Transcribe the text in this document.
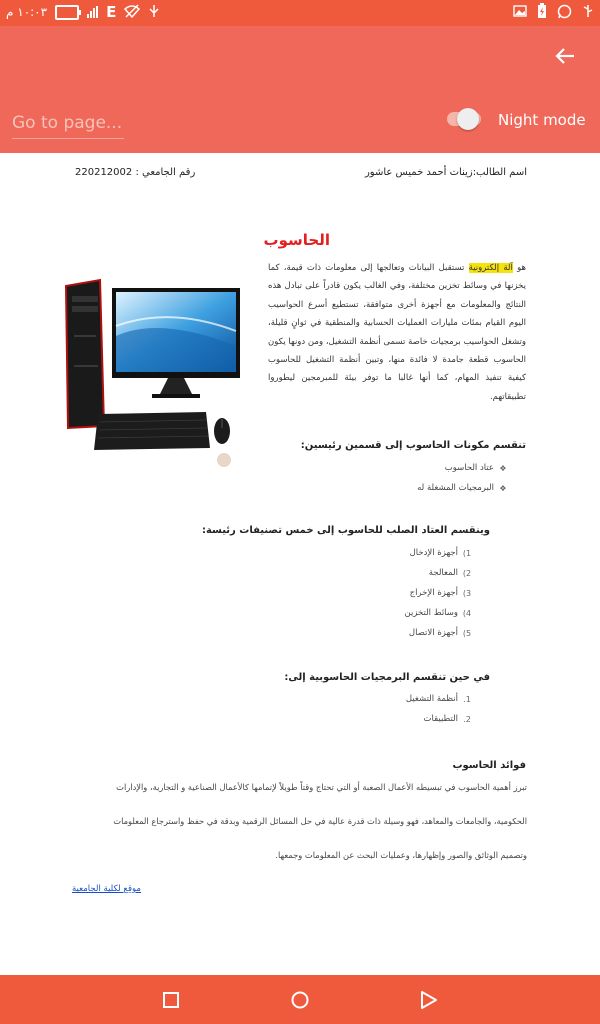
١٠:٠٣ م	E
Go to page...
Night mode
اسم الطالب:زينات أحمد خميس عاشور
رقم الجامعي : 220212002
الحاسوب

هو آلة إلكترونية تستقبل البيانات وتعالجها إلى معلومات ذات قيمة، كما يخزنها في وسائط تخزين مختلفة، وفي الغالب يكون قادراً على تبادل هذه النتائج والمعلومات مع أجهزة أخرى متوافقة، تستطيع أسرع الحواسيب اليوم القيام بمئات مليارات العمليات الحسابية والمنطقية في ثوانٍ قليلة، وتشغل الحواسيب برمجيات خاصة تسمى أنظمة التشغيل، ومن دونها يكون الحاسوب قطعة جامدة لا فائدة منها، وتبين أنظمة التشغيل للحاسوب كيفية تنفيذ المهام، كما أنها غالبا ما توفر بيئة للمبرمجين ليطوروا تطبيقاتهم.

تنقسم مكونات الحاسوب إلى قسمين رئيسين:
❖
عتاد الحاسوب
❖
البرمجيات المشغلة له
وينقسم العتاد الصلب للحاسوب إلى خمس تصنيفات رئيسة:
1)
أجهزة الإدخال
2)
المعالجة
3)
أجهزة الإخراج
4)
وسائط التخزين
5)
أجهزة الاتصال
في حين تنقسم البرمجيات الحاسوبية إلى:
1.
أنظمة التشغيل
2.
التطبيقات
فوائد الحاسوب
تبرز أهمية الحاسوب في تبسيطه الأعمال الصعبة أو التي تحتاج وقتاً طويلاً لإتمامها كالأعمال الصناعية و التجارية، والإدارات
الحكومية، والجامعات والمعاهد، فهو وسيلة ذات قدرة عالية في حل المسائل الرقمية وبدقة في حفظ واسترجاع المعلومات
وتصميم الوثائق والصور وإظهارها، وعمليات البحث عن المعلومات وجمعها.
موقع لكلية الجامعية
